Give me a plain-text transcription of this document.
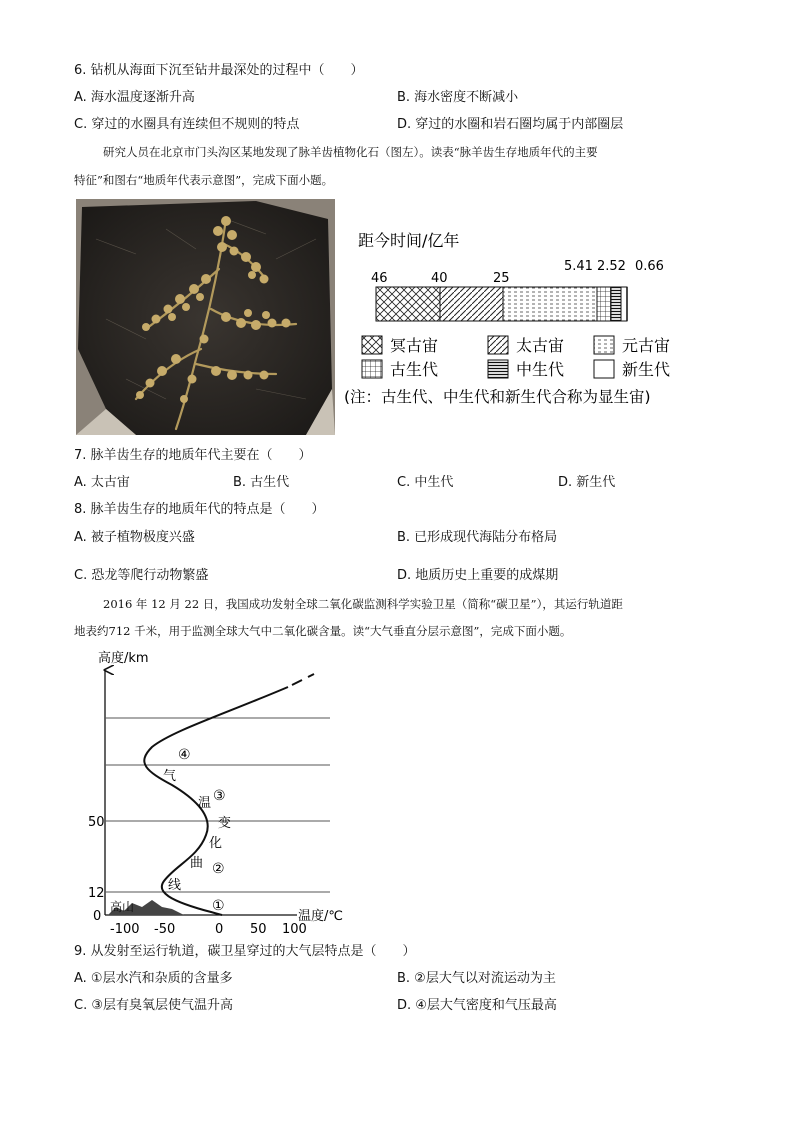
6. 钻机从海面下沉至钻井最深处的过程中（　　）
A. 海水温度逐渐升高	B. 海水密度不断减小
C. 穿过的水圈具有连续但不规则的特点	D. 穿过的水圈和岩石圈均属于内部圈层
研究人员在北京市门头沟区某地发现了脉羊齿植物化石（图左）。读表“脉羊齿生存地质年代的主要
特征”和图右“地质年代表示意图”，完成下面小题。
距今时间/亿年
46	40	25
5.41 2.52 0.66
冥古宙	太古宙	元古宙
古生代	中生代	新生代
(注：古生代、中生代和新生代合称为显生宙)
7. 脉羊齿生存的地质年代主要在（　　）
A. 太古宙	B. 古生代	C. 中生代	D. 新生代
8. 脉羊齿生存的地质年代的特点是（　　）
A. 被子植物极度兴盛	B. 已形成现代海陆分布格局
C. 恐龙等爬行动物繁盛	D. 地质历史上重要的成煤期
2016 年 12 月 22 日，我国成功发射全球二氧化碳监测科学实验卫星（简称“碳卫星”），其运行轨道距
地表约712 千米，用于监测全球大气中二氧化碳含量。读“大气垂直分层示意图”，完成下面小题。
高度/km
50
12
0
-100 -50	0 50 100
温度/℃
高山
④
③
②
①
气
温
变
化
曲
线
9. 从发射至运行轨道，碳卫星穿过的大气层特点是（　　）
A. ①层水汽和杂质的含量多	B. ②层大气以对流运动为主
C. ③层有臭氧层使气温升高	D. ④层大气密度和气压最高
